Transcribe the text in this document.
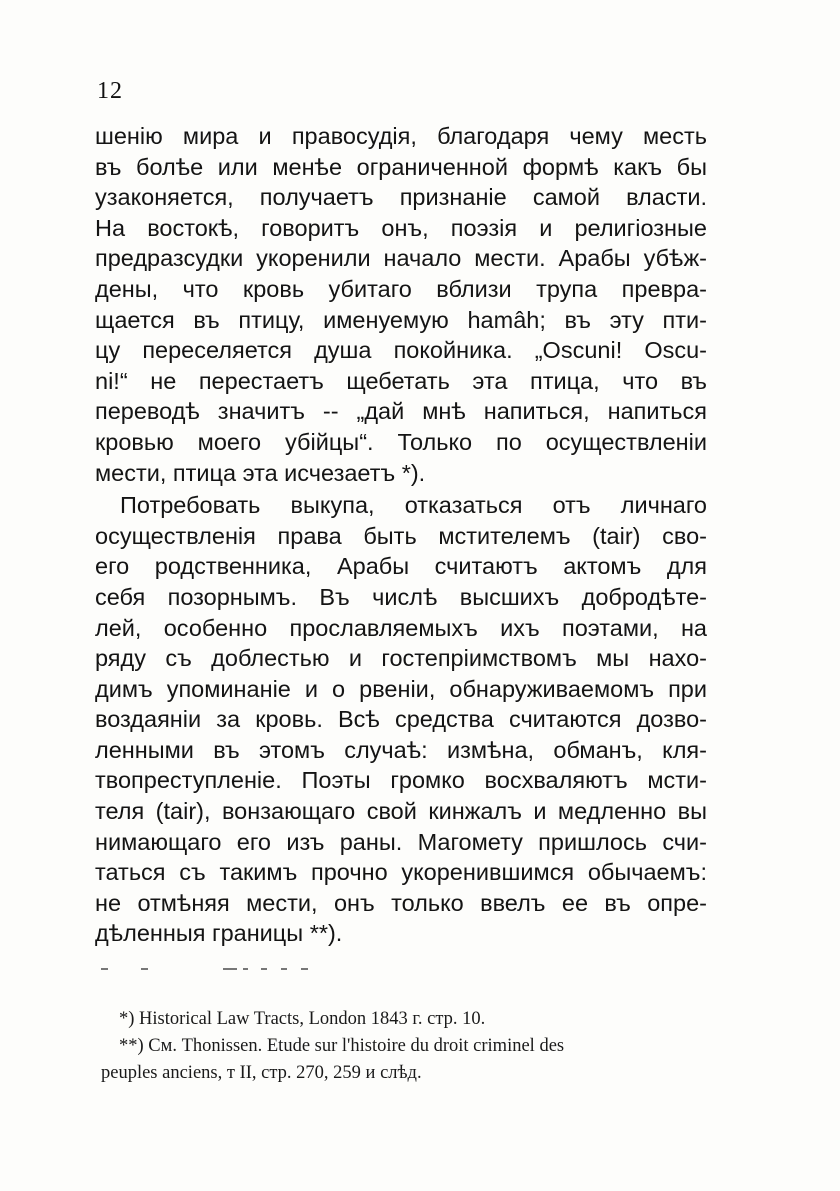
12
шенію мира и правосудія, благодаря чему месть
въ болѣе или менѣе ограниченной формѣ какъ бы
узаконяется, получаетъ признаніе самой власти.
На востокѣ, говоритъ онъ, поэзія и религіозные
предразсудки укоренили начало мести. Арабы убѣж-
дены, что кровь убитаго вблизи трупа превра-
щается въ птицу, именуемую hamâh; въ эту пти-
цу переселяется душа покойника. „Oscuni! Oscu-
ni!“ не перестаетъ щебетать эта птица, что въ
переводѣ значитъ -- „дай мнѣ напиться, напиться
кровью моего убійцы“. Только по осуществленіи
мести, птица эта исчезаетъ *).
Потребовать выкупа, отказаться отъ личнаго
осуществленія права быть мстителемъ (tair) сво-
его родственника, Арабы считаютъ актомъ для
себя позорнымъ. Въ числѣ высшихъ добродѣте-
лей, особенно прославляемыхъ ихъ поэтами, на
ряду съ доблестью и гостепріимствомъ мы нахо-
димъ упоминаніе и о рвеніи, обнаруживаемомъ при
воздаяніи за кровь. Всѣ средства считаются дозво-
ленными въ этомъ случаѣ: измѣна, обманъ, кля-
твопреступленіе. Поэты громко восхваляютъ мсти-
теля (tair), вонзающаго свой кинжалъ и медленно вы
нимающаго его изъ раны. Магомету пришлось счи-
таться съ такимъ прочно укоренившимся обычаемъ:
не отмѣняя мести, онъ только ввелъ ее въ опре-
дѣленныя границы **).
*) Historical Law Tracts, London 1843 г. стр. 10.
**) См. Thonissen. Etude sur l'histoire du droit criminel des
peuples anciens, т II, стр. 270, 259 и слѣд.
